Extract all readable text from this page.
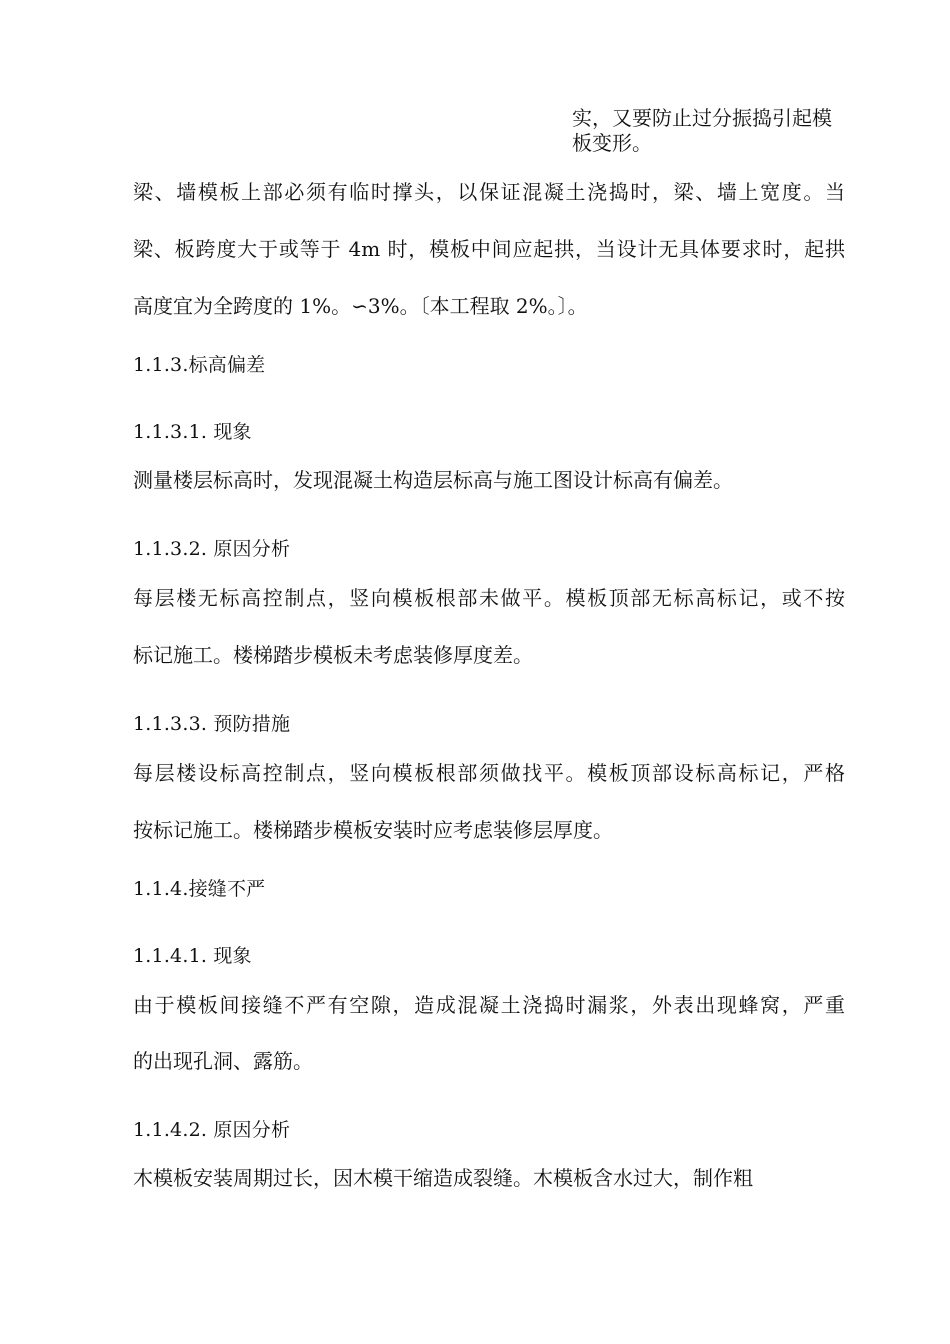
实，又要防止过分振捣引起模
板变形。
梁、墙模板上部必须有临时撑头，以保证混凝土浇捣时，梁、墙上宽度。当
梁、板跨度大于或等于 4m 时，模板中间应起拱，当设计无具体要求时，起拱
高度宜为全跨度的 1%。∽3%。〔本工程取 2%。〕。
1.1.3.标高偏差
1.1.3.1. 现象
测量楼层标高时，发现混凝土构造层标高与施工图设计标高有偏差。
1.1.3.2. 原因分析
每层楼无标高控制点，竖向模板根部未做平。模板顶部无标高标记，或不按
标记施工。楼梯踏步模板未考虑装修厚度差。
1.1.3.3. 预防措施
每层楼设标高控制点，竖向模板根部须做找平。模板顶部设标高标记，严格
按标记施工。楼梯踏步模板安装时应考虑装修层厚度。
1.1.4.接缝不严
1.1.4.1. 现象
由于模板间接缝不严有空隙，造成混凝土浇捣时漏浆，外表出现蜂窝，严重
的出现孔洞、露筋。
1.1.4.2. 原因分析
木模板安装周期过长，因木模干缩造成裂缝。木模板含水过大，制作粗
